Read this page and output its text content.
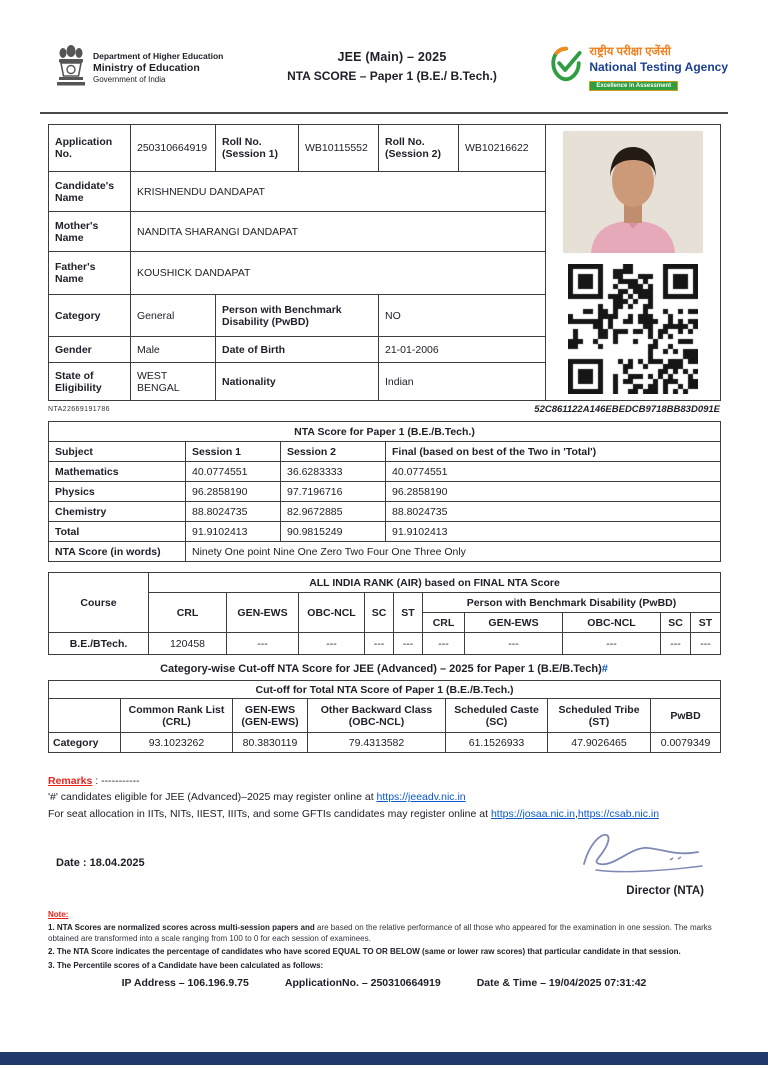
Department of Higher Education
Ministry of Education
Government of India
JEE (Main) – 2025
NTA SCORE – Paper 1 (B.E./ B.Tech.)
राष्ट्रीय परीक्षा एजेंसी
National Testing Agency
Excellence in Assessment
Application No.	250310664919	Roll No. (Session 1)	WB10115552	Roll No. (Session 2)	WB10216622	

Candidate's Name	KRISHNENDU DANDAPAT					
Mother's Name	NANDITA SHARANGI DANDAPAT					
Father's Name	KOUSHICK DANDAPAT					
Category	General	Person with Benchmark Disability (PwBD)		NO		
Gender	Male	Date of Birth		21-01-2006		
State of Eligibility	WEST BENGAL	Nationality		Indian		
NTA22669191786	52C861122A146EBEDCB9718BB83D091E
NTA Score for Paper 1 (B.E./B.Tech.)			
Subject	Session 1	Session 2	Final (based on best of the Two in 'Total')
Mathematics	40.0774551	36.6283333	40.0774551
Physics	96.2858190	97.7196716	96.2858190
Chemistry	88.8024735	82.9672885	88.8024735
Total	91.9102413	90.9815249	91.9102413
NTA Score (in words)	Ninety One point Nine One Zero Two Four One Three Only		
Course	ALL INDIA RANK (AIR) based on FINAL NTA Score									
	CRL	GEN-EWS	OBC-NCL	SC	ST	Person with Benchmark Disability (PwBD)				
						CRL	GEN-EWS	OBC-NCL	SC	ST
B.E./BTech.	120458	---	---	---	---	---	---	---	---	---
Category-wise Cut-off NTA Score for JEE (Advanced) – 2025 for Paper 1 (B.E/B.Tech)#
Cut-off for Total NTA Score of Paper 1 (B.E./B.Tech.)						
	Common Rank List (CRL)	GEN-EWS (GEN-EWS)	Other Backward Class (OBC-NCL)	Scheduled Caste (SC)	Scheduled Tribe (ST)	PwBD
Category	93.1023262	80.3830119	79.4313582	61.1526933	47.9026465	0.0079349
Remarks : -----------
'#' candidates eligible for JEE (Advanced)–2025 may register online at https://jeeadv.nic.in
For seat allocation in IITs, NITs, IIEST, IIITs, and some GFTIs candidates may register online at https://josaa.nic.in,https://csab.nic.in
Date : 18.04.2025
Director (NTA)
Note:
1. NTA Scores are normalized scores across multi-session papers and are based on the relative performance of all those who appeared for the examination in one session. The marks obtained are transformed into a scale ranging from 100 to 0 for each session of examinees.
2. The NTA Score indicates the percentage of candidates who have scored EQUAL TO OR BELOW (same or lower raw scores) that particular candidate in that session.
3. The Percentile scores of a Candidate have been calculated as follows:
IP Address – 106.196.9.75	ApplicationNo. – 250310664919	Date & Time – 19/04/2025 07:31:42
